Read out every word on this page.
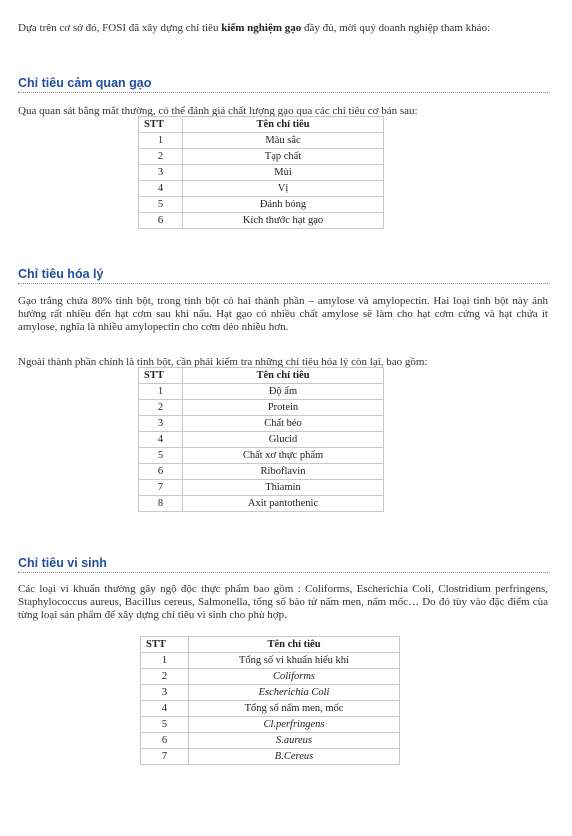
Dựa trên cơ sở đó, FOSI đã xây dựng chỉ tiêu kiểm nghiệm gạo đầy đủ, mời quý doanh nghiệp tham khảo:

Chỉ tiêu cảm quan gạo

Qua quan sát bằng mắt thường, có thể đánh giá chất lượng gạo qua các chỉ tiêu cơ bản sau:

Chỉ tiêu hóa lý

Gạo trắng chứa 80% tinh bột, trong tinh bột có hai thành phần – amylose và amylopectin. Hai loại tinh bột này ảnh hưởng rất nhiều đến hạt cơm sau khi nấu. Hạt gạo có nhiều chất amylose sẽ làm cho hạt cơm cứng và hạt chứa ít amylose, nghĩa là nhiều amylopectin cho cơm dẻo nhiều hơn.

Ngoài thành phần chính là tinh bột, cần phải kiểm tra những chỉ tiêu hóa lý còn lại, bao gồm:

Chỉ tiêu vi sinh

Các loại vi khuẩn thường gây ngộ độc thực phẩm bao gồm : Coliforms, Escherichia Coli, Clostridium perfringens, Staphylococcus aureus, Bacillus cereus, Salmonella, tổng số bào tử nấm men, nấm mốc… Do đó tùy vào đặc điểm của từng loại sản phẩm để xây dựng chỉ tiêu vi sinh cho phù hợp.

STT	Tên chỉ tiêu
1	Màu sắc
2	Tạp chất
3	Mùi
4	Vị
5	Đánh bóng
6	Kích thước hạt gạo
STT	Tên chỉ tiêu
1	Độ ẩm
2	Protein
3	Chất béo
4	Glucid
5	Chất xơ thực phẩm
6	Riboflavin
7	Thiamin
8	Axit pantothenic
STT	Tên chỉ tiêu
1	Tổng số vi khuẩn hiếu khí
2	Coliforms
3	Escherichia Coli
4	Tổng số nấm men, mốc
5	Cl.perfringens
6	S.aureus
7	B.Cereus
